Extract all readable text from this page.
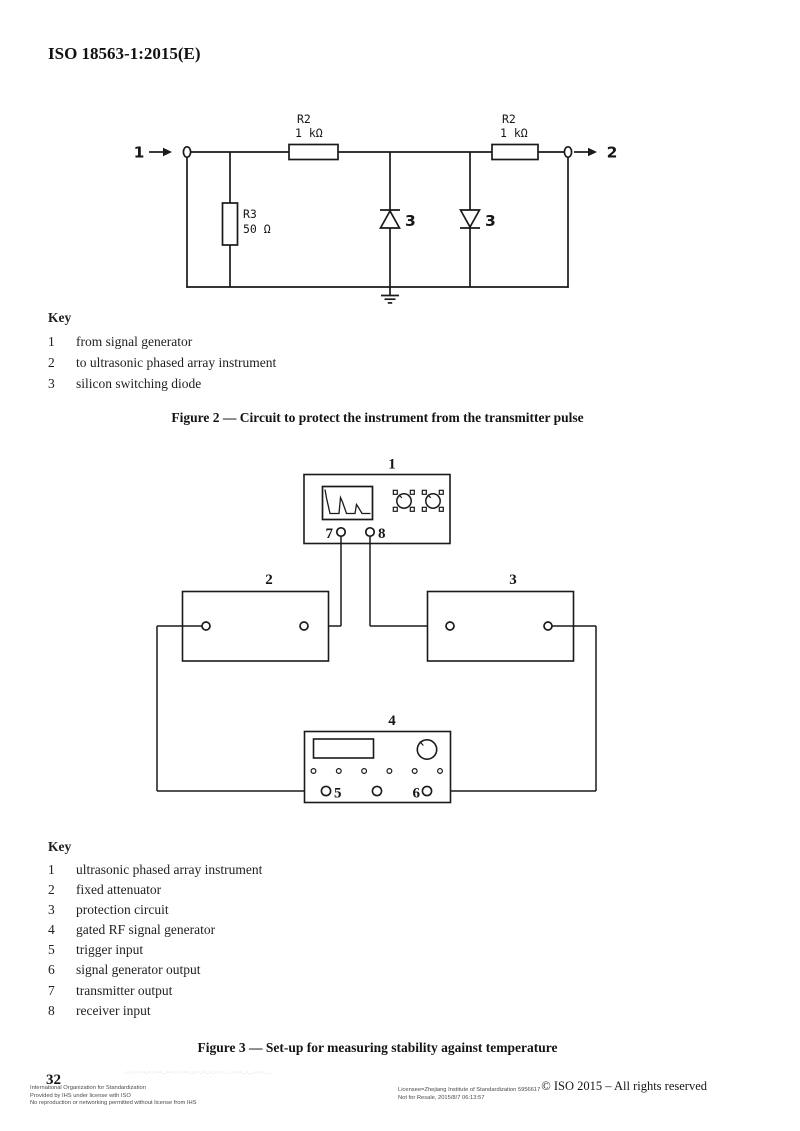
ISO 18563-1:2015(E)
1
R3
50 Ω
R2
1 kΩ
R2
1 kΩ
3	3
2
Key
1	from signal generator
2	to ultrasonic phased array instrument
3	silicon switching diode
Figure 2 — Circuit to protect the instrument from the transmitter pulse
1
7	8
2	3
4
5	6
Key
1	ultrasonic phased array instrument
2	fixed attenuator
3	protection circuit
4	gated RF signal generator
5	trigger input
6	signal generator output
7	transmitter output
8	receiver input
Figure 3 — Set-up for measuring stability against temperature
-''-'·''''-''·''''--''''·'-''''·-'''-''--'-''·''-·'''·''--'··-''''-'--
International Organization for Standardization
Provided by IHS under license with ISO
No reproduction or networking permitted without license from IHS
Licensee=Zhejiang Institute of Standardization 5956617
Not for Resale, 2015/8/7 06:13:57
32	© ISO 2015 – All rights reserved
